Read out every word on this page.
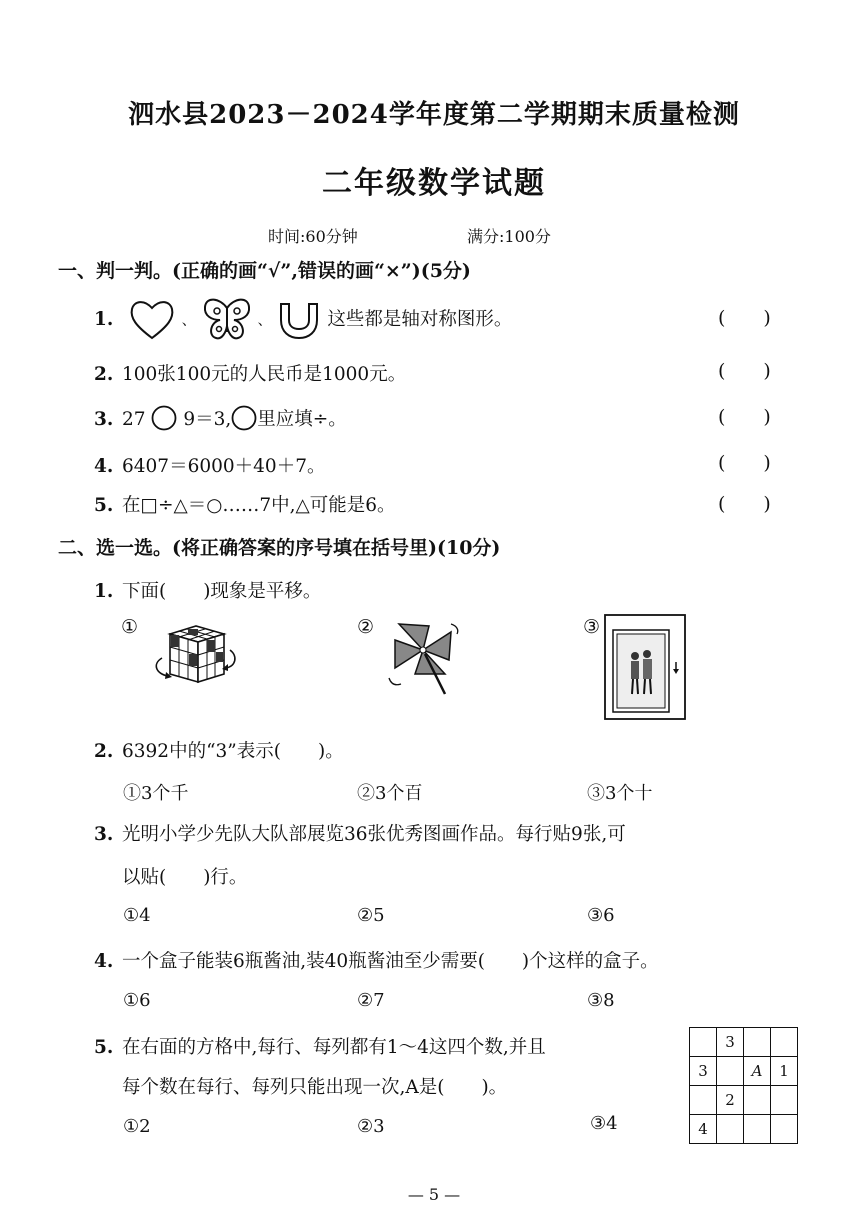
泗水县2023－2024学年度第二学期期末质量检测
二年级数学试题
时间:60分钟	满分:100分
一、判一判。(正确的画“√”,错误的画“×”)(5分)
1.	、	、	这些都是轴对称图形。	(　　)
2. 100张100元的人民币是1000元。	(　　)
3. 27 9＝3, 里应填÷。	(　　)
4. 6407＝6000＋40＋7。	(　　)
5. 在□÷△＝○……7中,△可能是6。	(　　)
二、选一选。(将正确答案的序号填在括号里)(10分)
1. 下面(　　)现象是平移。
①	②	③
2. 6392中的“3”表示(　　)。
①3个千	②3个百	③3个十
3. 光明小学少先队大队部展览36张优秀图画作品。每行贴9张,可
以贴(　　)行。
①4	②5	③6
4. 一个盒子能装6瓶酱油,装40瓶酱油至少需要(　　)个这样的盒子。
①6	②7	③8
5. 在右面的方格中,每行、每列都有1～4这四个数,并且
每个数在每行、每列只能出现一次,A是(　　)。
①2	②3	③4
	3		
3		A	1
	2		
4			
— 5 —
